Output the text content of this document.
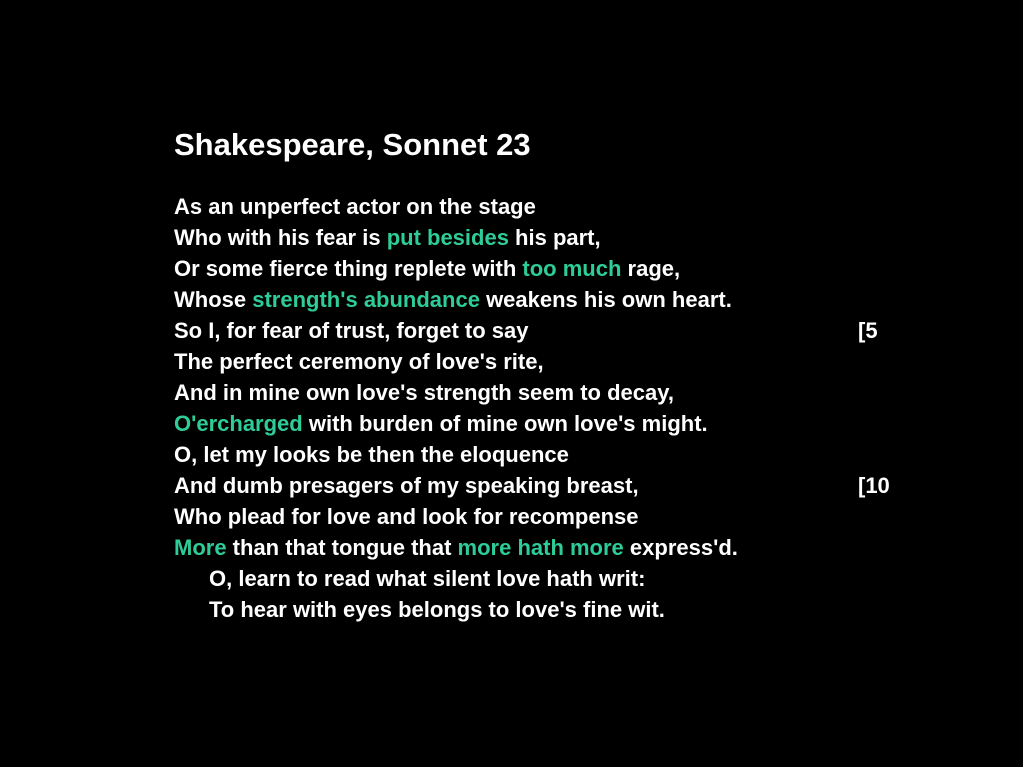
Shakespeare, Sonnet 23
As an unperfect actor on the stage
Who with his fear is put besides his part,
Or some fierce thing replete with too much rage,
Whose strength's abundance weakens his own heart.
So I, for fear of trust, forget to say	[5
The perfect ceremony of love's rite,
And in mine own love's strength seem to decay,
O'ercharged with burden of mine own love's might.
O, let my looks be then the eloquence
And dumb presagers of my speaking breast,	[10
Who plead for love and look for recompense
More than that tongue that more hath more express'd.
O, learn to read what silent love hath writ:
To hear with eyes belongs to love's fine wit.
